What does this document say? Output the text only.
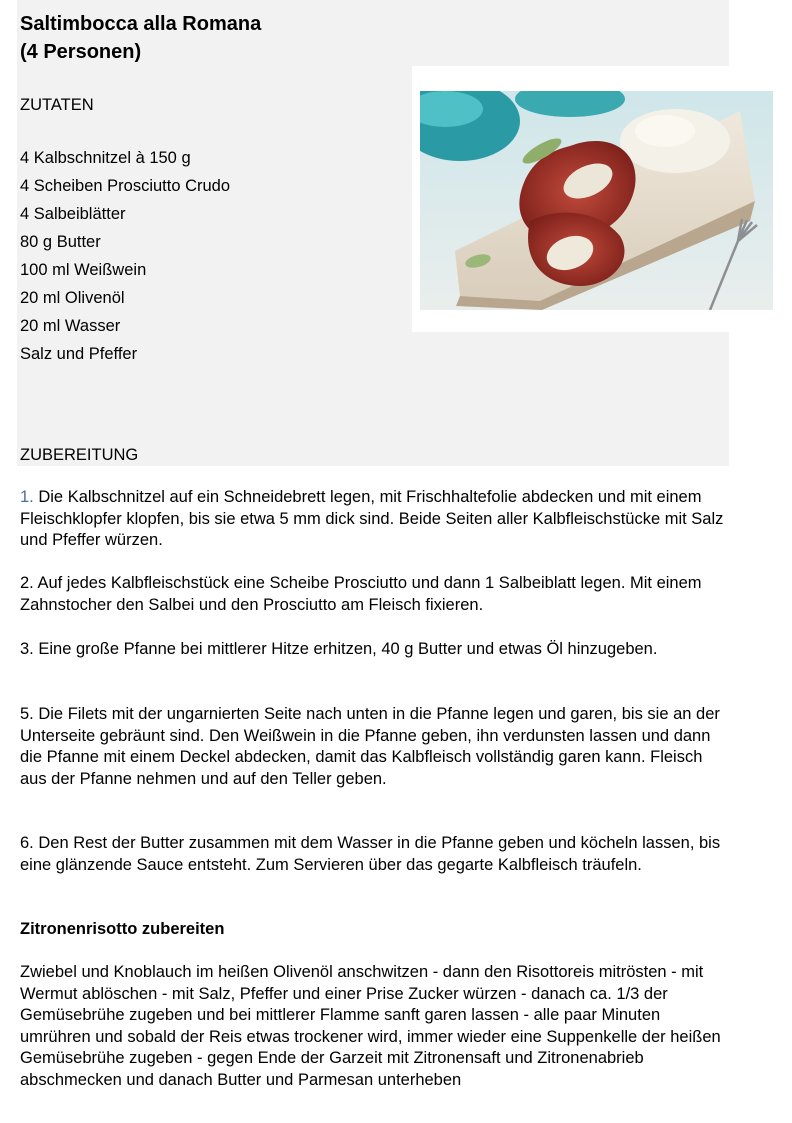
Saltimbocca alla Romana
(4 Personen)

ZUTATEN

4 Kalbschnitzel à 150 g
4 Scheiben Prosciutto Crudo
4 Salbeiblätter
80 g Butter
100 ml Weißwein
20 ml Olivenöl
20 ml Wasser
Salz und Pfeffer

ZUBEREITUNG

1. Die Kalbschnitzel auf ein Schneidebrett legen, mit Frischhaltefolie abdecken und mit einem Fleischklopfer klopfen, bis sie etwa 5 mm dick sind. Beide Seiten aller Kalbfleischstücke mit Salz und Pfeffer würzen.

2. Auf jedes Kalbfleischstück eine Scheibe Prosciutto und dann 1 Salbeiblatt legen. Mit einem Zahnstocher den Salbei und den Prosciutto am Fleisch fixieren.

3. Eine große Pfanne bei mittlerer Hitze erhitzen, 40 g Butter und etwas Öl hinzugeben.

5. Die Filets mit der ungarnierten Seite nach unten in die Pfanne legen und garen, bis sie an der Unterseite gebräunt sind. Den Weißwein in die Pfanne geben, ihn verdunsten lassen und dann die Pfanne mit einem Deckel abdecken, damit das Kalbfleisch vollständig garen kann. Fleisch aus der Pfanne nehmen und auf den Teller geben.

6. Den Rest der Butter zusammen mit dem Wasser in die Pfanne geben und köcheln lassen, bis eine glänzende Sauce entsteht. Zum Servieren über das gegarte Kalbfleisch träufeln.

Zitronenrisotto zubereiten

Zwiebel und Knoblauch im heißen Olivenöl anschwitzen - dann den Risottoreis mitrösten - mit Wermut ablöschen - mit Salz, Pfeffer und einer Prise Zucker würzen - danach ca. 1/3 der Gemüsebrühe zugeben und bei mittlerer Flamme sanft garen lassen - alle paar Minuten umrühren und sobald der Reis etwas trockener wird, immer wieder eine Suppenkelle der heißen Gemüsebrühe zugeben - gegen Ende der Garzeit mit Zitronensaft und Zitronenabrieb abschmecken und danach Butter und Parmesan unterheben
